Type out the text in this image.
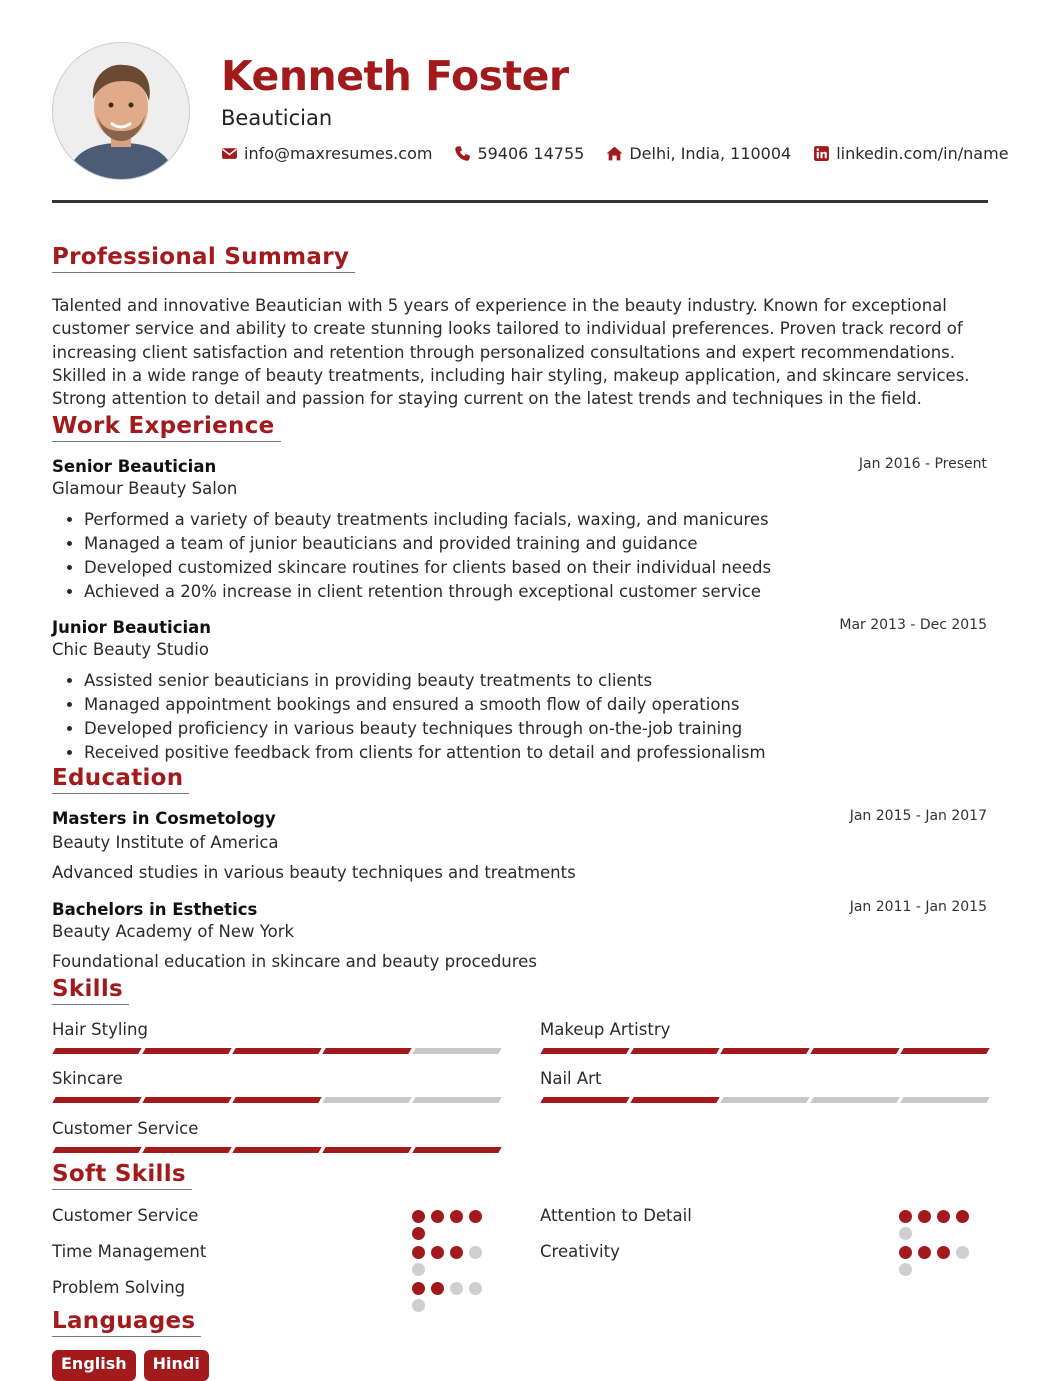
Kenneth Foster
Beautician
info@maxresumes.com	59406 14755	Delhi, India, 110004	linkedin.com/in/name
Professional Summary
Talented and innovative Beautician with 5 years of experience in the beauty industry. Known for exceptional customer service and ability to create stunning looks tailored to individual preferences. Proven track record of increasing client satisfaction and retention through personalized consultations and expert recommendations. Skilled in a wide range of beauty treatments, including hair styling, makeup application, and skincare services. Strong attention to detail and passion for staying current on the latest trends and techniques in the field.
Work Experience
Senior Beautician	Jan 2016 - Present
Glamour Beauty Salon
• Performed a variety of beauty treatments including facials, waxing, and manicures
• Managed a team of junior beauticians and provided training and guidance
• Developed customized skincare routines for clients based on their individual needs
• Achieved a 20% increase in client retention through exceptional customer service
Junior Beautician	Mar 2013 - Dec 2015
Chic Beauty Studio
• Assisted senior beauticians in providing beauty treatments to clients
• Managed appointment bookings and ensured a smooth flow of daily operations
• Developed proficiency in various beauty techniques through on-the-job training
• Received positive feedback from clients for attention to detail and professionalism
Education
Masters in Cosmetology	Jan 2015 - Jan 2017
Beauty Institute of America
Advanced studies in various beauty techniques and treatments
Bachelors in Esthetics	Jan 2011 - Jan 2015
Beauty Academy of New York
Foundational education in skincare and beauty procedures
Skills
Hair Styling	Makeup Artistry
Skincare	Nail Art
Customer Service
Soft Skills
Customer Service	Attention to Detail
Time Management	Creativity
Problem Solving
Languages
English	Hindi
